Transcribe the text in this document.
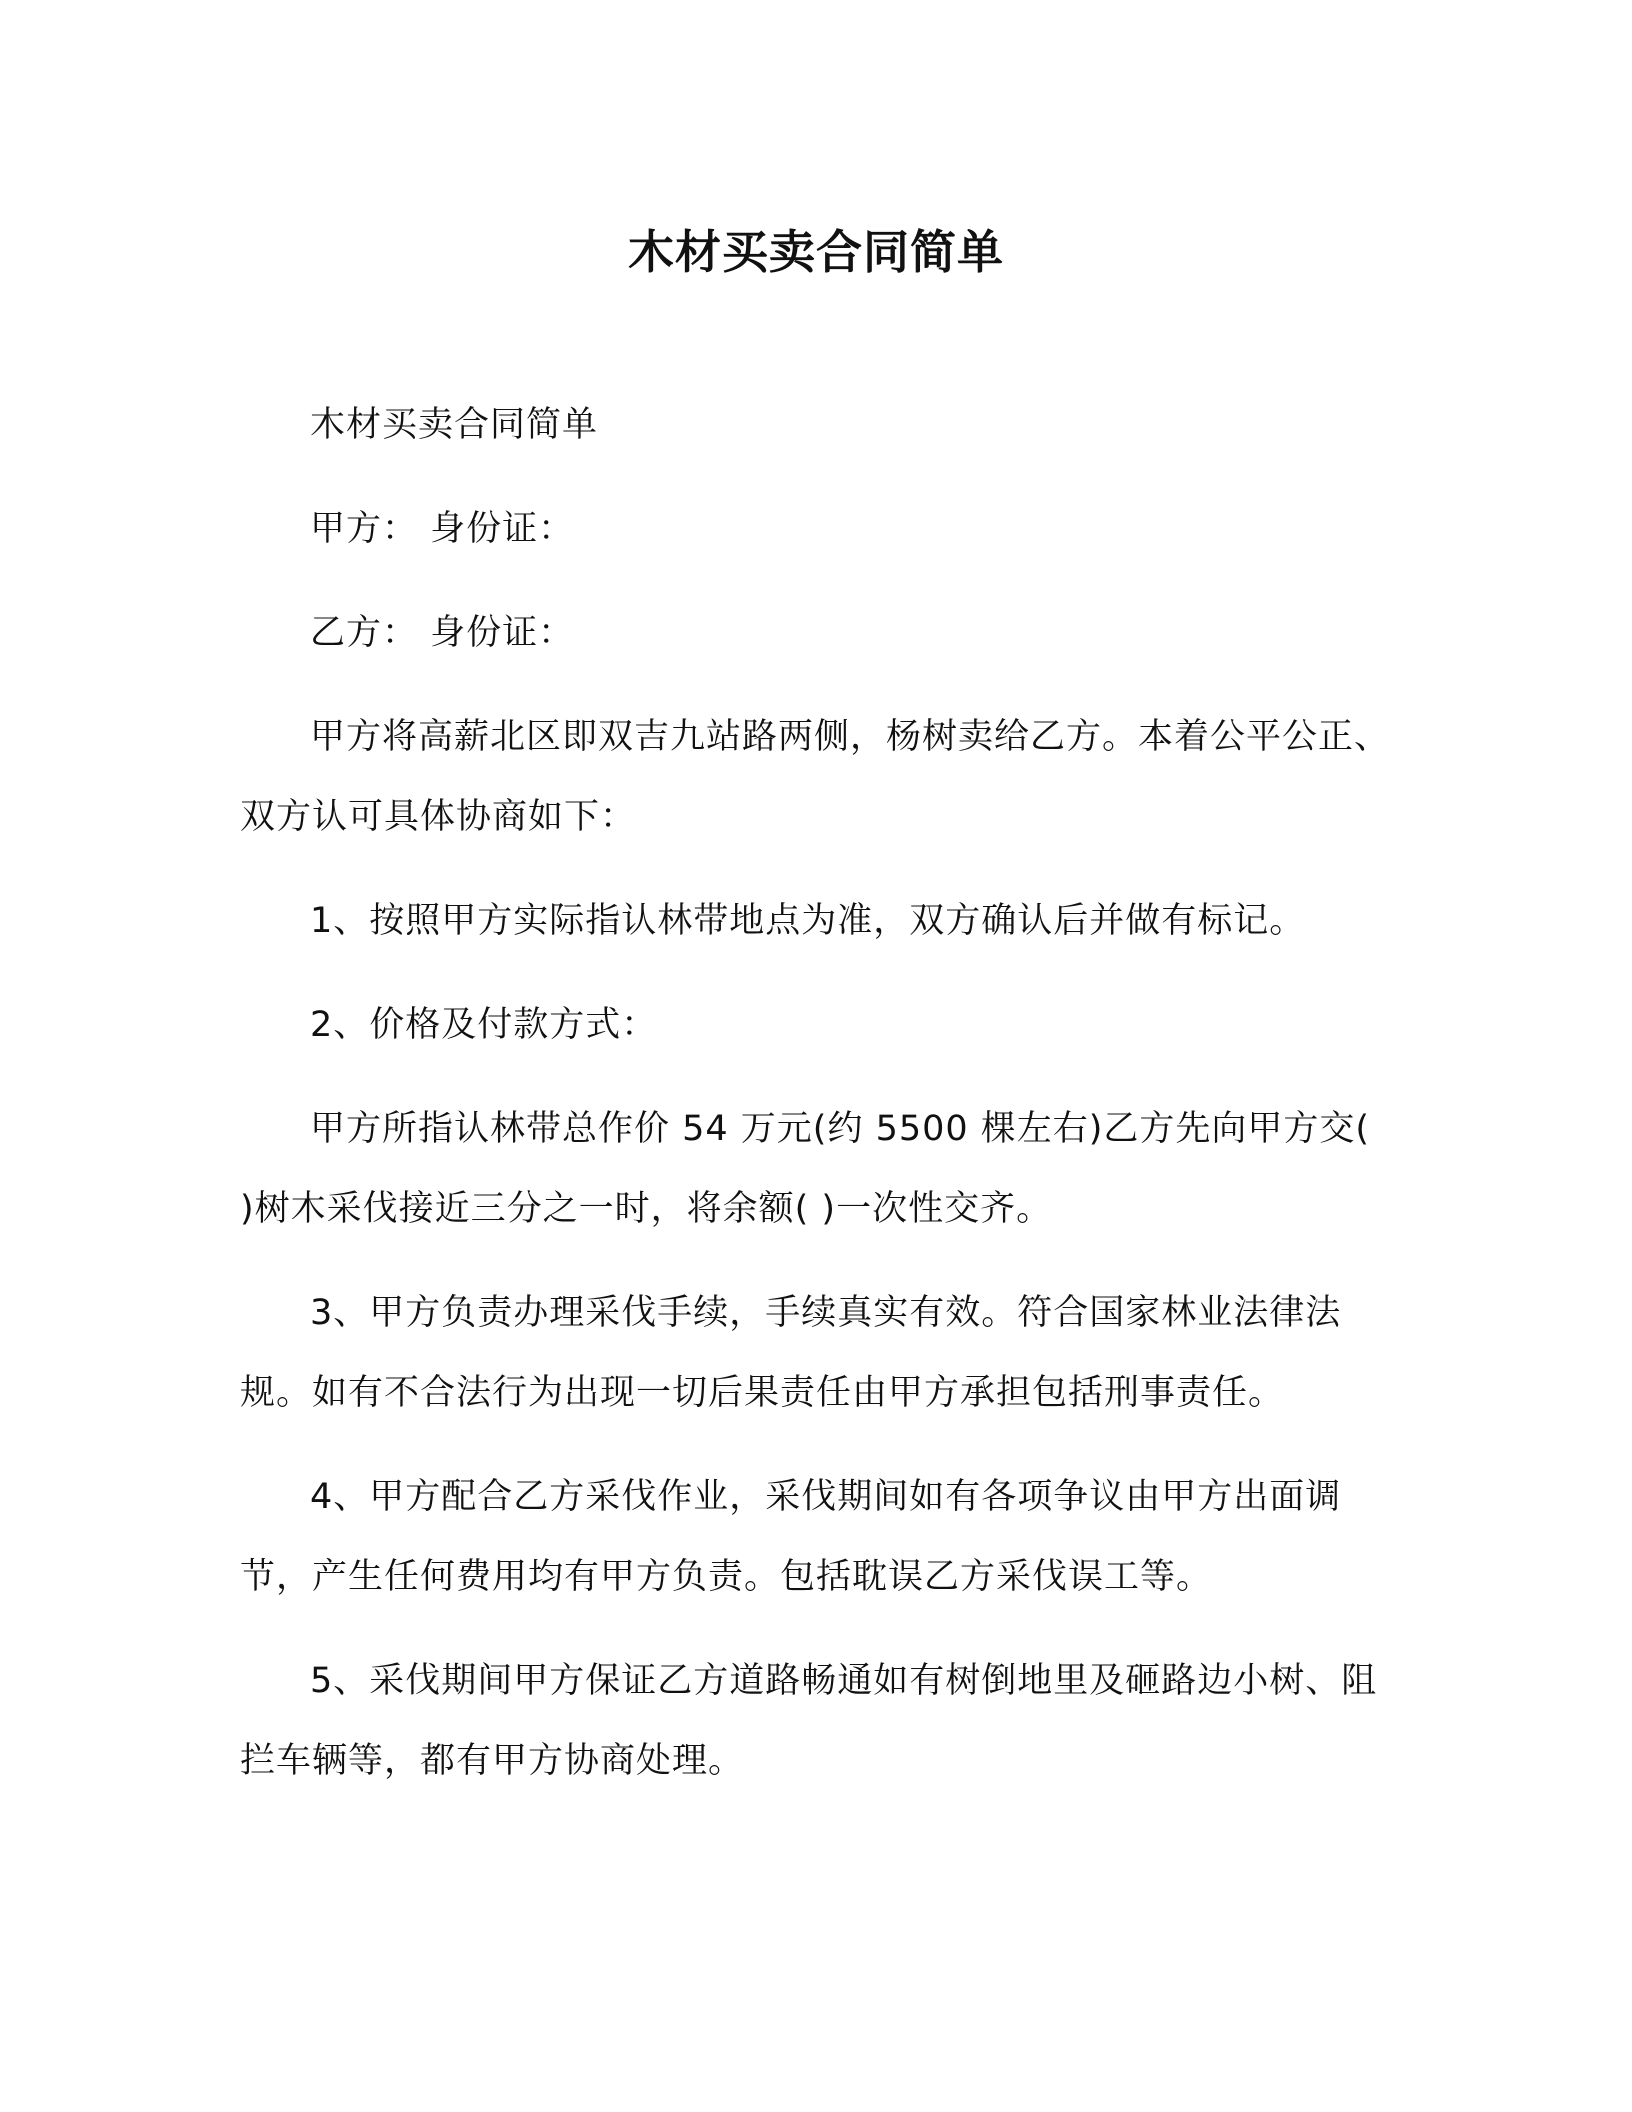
木材买卖合同简单

木材买卖合同简单

甲方： 身份证：

乙方： 身份证：

甲方将高薪北区即双吉九站路两侧，杨树卖给乙方。本着公平公正、双方认可具体协商如下：

1、按照甲方实际指认林带地点为准，双方确认后并做有标记。

2、价格及付款方式：

甲方所指认林带总作价 54 万元(约 5500 棵左右)乙方先向甲方交( )树木采伐接近三分之一时，将余额( )一次性交齐。

3、甲方负责办理采伐手续，手续真实有效。符合国家林业法律法规。如有不合法行为出现一切后果责任由甲方承担包括刑事责任。

4、甲方配合乙方采伐作业，采伐期间如有各项争议由甲方出面调节，产生任何费用均有甲方负责。包括耽误乙方采伐误工等。

5、采伐期间甲方保证乙方道路畅通如有树倒地里及砸路边小树、阻拦车辆等，都有甲方协商处理。
